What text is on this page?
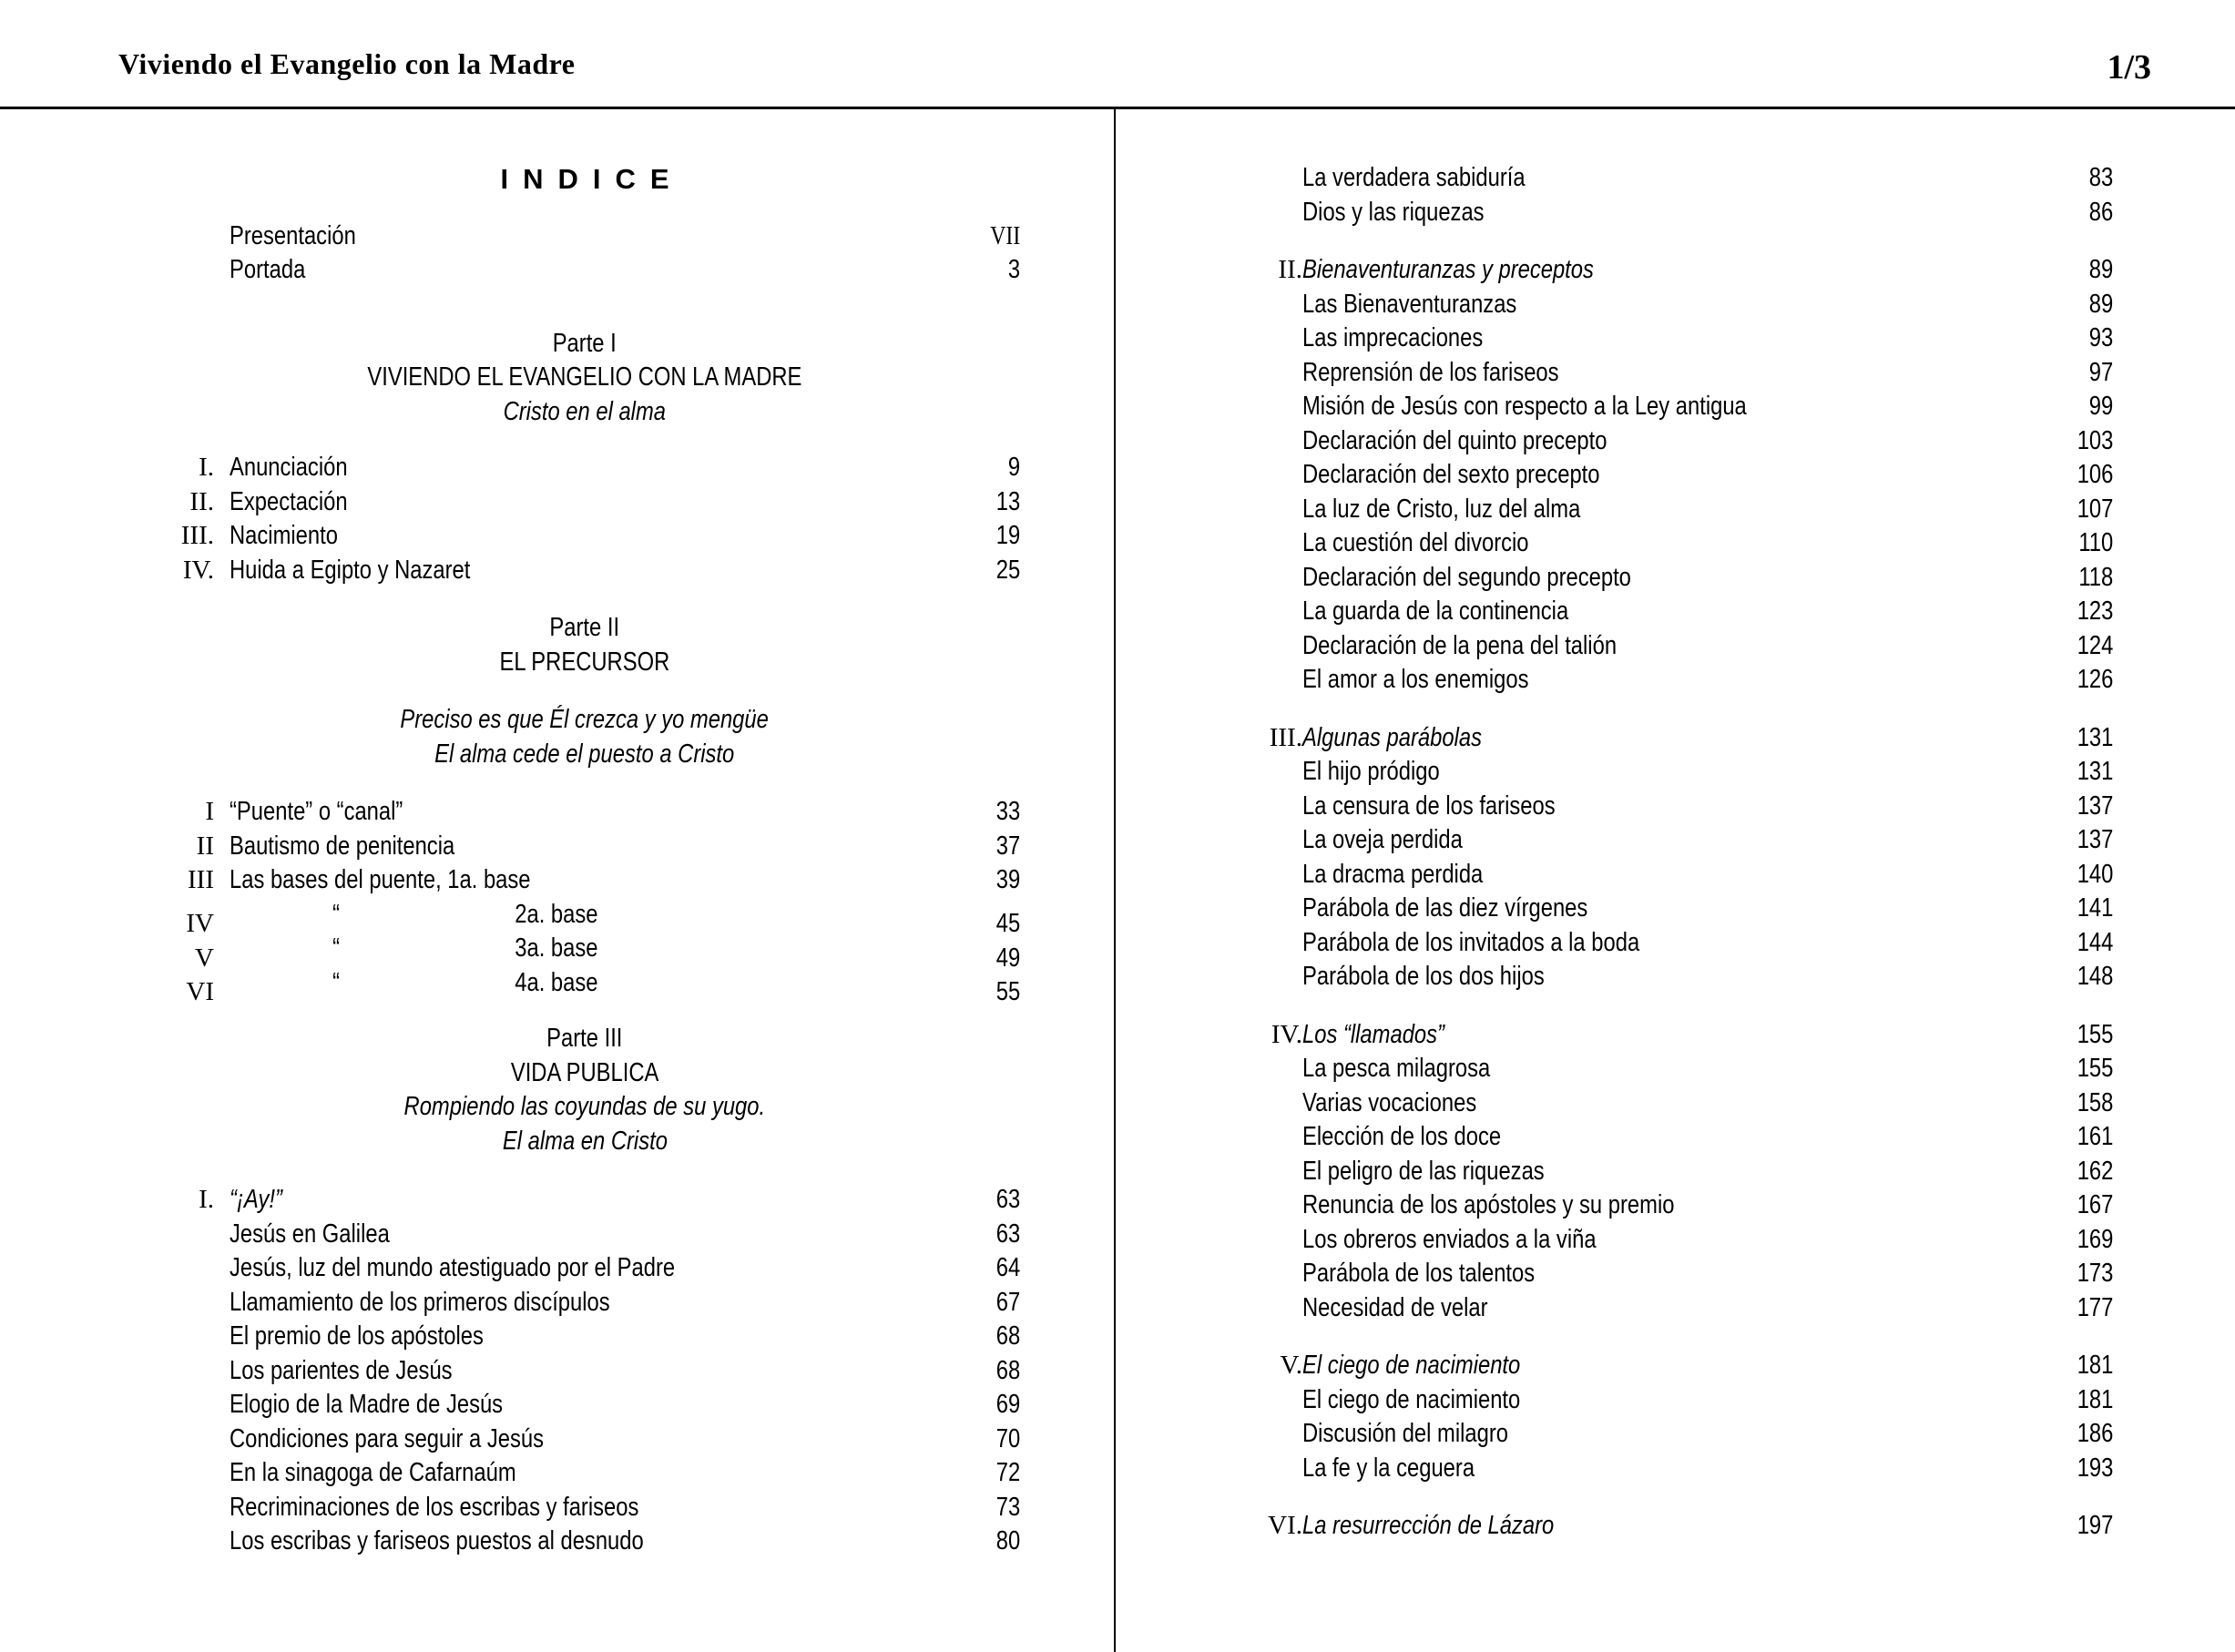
Viviendo el Evangelio con la Madre	1/3
INDICE
Presentación	VII
Portada	3
Parte I
VIVIENDO EL EVANGELIO CON LA MADRE
Cristo en el alma
I. Anunciación	9
II. Expectación	13
III. Nacimiento	19
IV. Huida a Egipto y Nazaret	25
Parte II
EL PRECURSOR
Preciso es que Él crezca y yo mengüe
El alma cede el puesto a Cristo
I “Puente” o “canal”	33
II Bautismo de penitencia	37
III Las bases del puente, 1a. base	39
IV	“	2a. base	45
V	“	3a. base	49
VI	“	4a. base	55
Parte III
VIDA PUBLICA
Rompiendo las coyundas de su yugo.
El alma en Cristo
I. “¡Ay!”	63
Jesús en Galilea	63
Jesús, luz del mundo atestiguado por el Padre	64
Llamamiento de los primeros discípulos	67
El premio de los apóstoles	68
Los parientes de Jesús	68
Elogio de la Madre de Jesús	69
Condiciones para seguir a Jesús	70
En la sinagoga de Cafarnaúm	72
Recriminaciones de los escribas y fariseos	73
Los escribas y fariseos puestos al desnudo	80
La verdadera sabiduría	83
Dios y las riquezas	86
II. Bienaventuranzas y preceptos	89
Las Bienaventuranzas	89
Las imprecaciones	93
Reprensión de los fariseos	97
Misión de Jesús con respecto a la Ley antigua	99
Declaración del quinto precepto	103
Declaración del sexto precepto	106
La luz de Cristo, luz del alma	107
La cuestión del divorcio	110
Declaración del segundo precepto	118
La guarda de la continencia	123
Declaración de la pena del talión	124
El amor a los enemigos	126
III. Algunas parábolas	131
El hijo pródigo	131
La censura de los fariseos	137
La oveja perdida	137
La dracma perdida	140
Parábola de las diez vírgenes	141
Parábola de los invitados a la boda	144
Parábola de los dos hijos	148
IV. Los “llamados”	155
La pesca milagrosa	155
Varias vocaciones	158
Elección de los doce	161
El peligro de las riquezas	162
Renuncia de los apóstoles y su premio	167
Los obreros enviados a la viña	169
Parábola de los talentos	173
Necesidad de velar	177
V. El ciego de nacimiento	181
El ciego de nacimiento	181
Discusión del milagro	186
La fe y la ceguera	193
VI. La resurrección de Lázaro	197
